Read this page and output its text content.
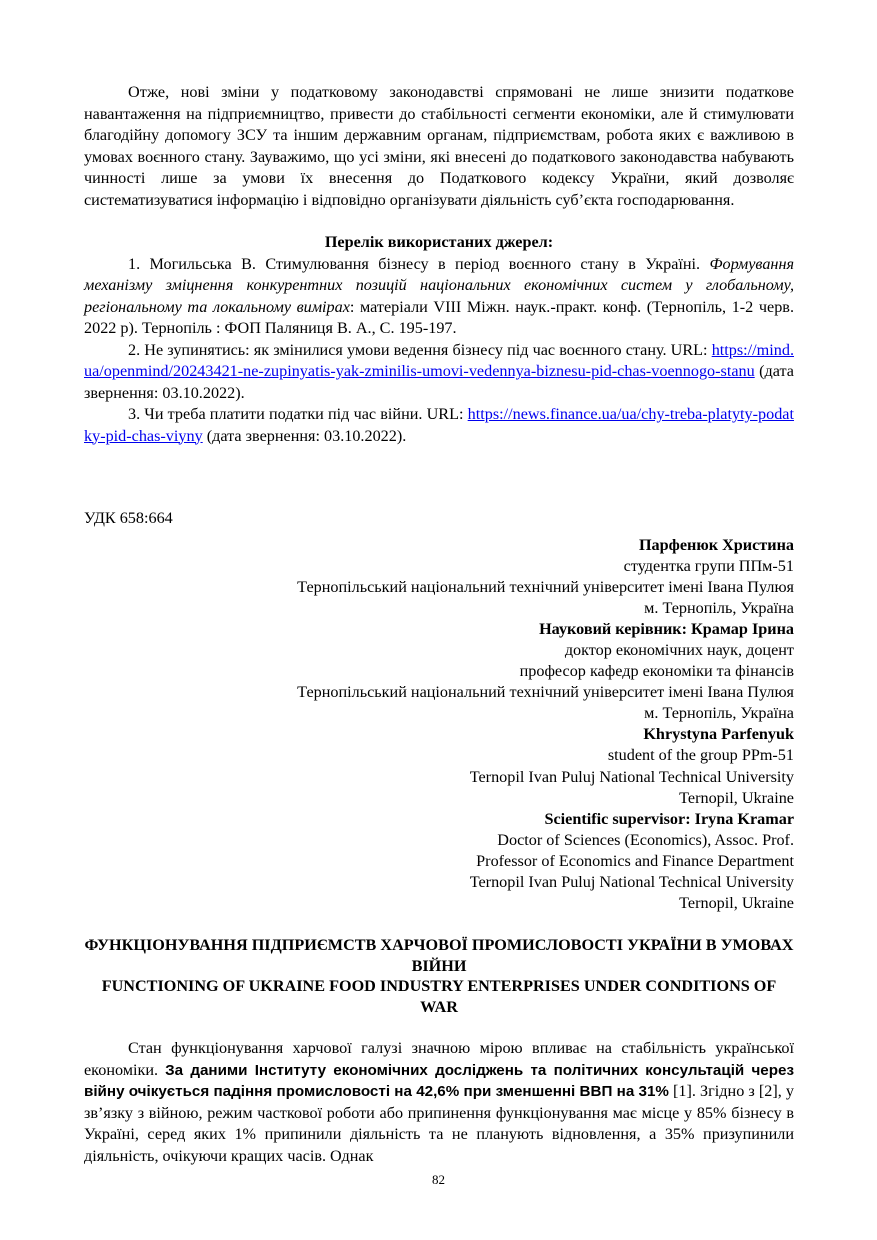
Отже, нові зміни у податковому законодавстві спрямовані не лише знизити податкове навантаження на підприємництво, привести до стабільності сегменти економіки, але й стимулювати благодійну допомогу ЗСУ та іншим державним органам, підприємствам, робота яких є важливою в умовах воєнного стану. Зауважимо, що усі зміни, які внесені до податкового законодавства набувають чинності лише за умови їх внесення до Податкового кодексу України, який дозволяє систематизуватися інформацію і відповідно організувати діяльність суб’єкта господарювання.

Перелік використаних джерел:

1. Могильська В. Стимулювання бізнесу в період воєнного стану в Україні. Формування механізму зміцнення конкурентних позицій національних економічних систем у глобальному, регіональному та локальному вимірах: матеріали VIII Міжн. наук.-практ. конф. (Тернопіль, 1-2 черв. 2022 р). Тернопіль : ФОП Паляниця В. А., С. 195-197.

2. Не зупинятись: як змінилися умови ведення бізнесу під час воєнного стану. URL: https://mind.ua/openmind/20243421-ne-zupinyatis-yak-zminilis-umovi-vedennya-biznesu-pid-chas-voennogo-stanu (дата звернення: 03.10.2022).

3. Чи треба платити податки під час війни. URL: https://news.finance.ua/ua/chy-treba-platyty-podatky-pid-chas-viyny (дата звернення: 03.10.2022).

УДК 658:664
Парфенюк Христина
студентка групи ППм-51
Тернопільський національний технічний університет імені Івана Пулюя
м. Тернопіль, Україна
Науковий керівник: Крамар Ірина
доктор економічних наук, доцент
професор кафедр економіки та фінансів
Тернопільський національний технічний університет імені Івана Пулюя
м. Тернопіль, Україна
Khrystyna Parfenyuk
student of the group PPm-51
Ternopil Ivan Puluj National Technical University
Ternopil, Ukraine
Scientific supervisor: Iryna Kramar
Doctor of Sciences (Economics), Assoc. Prof.
Professor of Economics and Finance Department
Ternopil Ivan Puluj National Technical University
Ternopil, Ukraine
ФУНКЦІОНУВАННЯ ПІДПРИЄМСТВ ХАРЧОВОЇ ПРОМИСЛОВОСТІ УКРАЇНИ В УМОВАХ ВІЙНИ
FUNCTIONING OF UKRAINE FOOD INDUSTRY ENTERPRISES UNDER CONDITIONS OF WAR

Стан функціонування харчової галузі значною мірою впливає на стабільність української економіки. За даними Інституту економічних досліджень та політичних консультацій через війну очікується падіння промисловості на 42,6% при зменшенні ВВП на 31% [1]. Згідно з [2], у зв’язку з війною, режим часткової роботи або припинення функціонування має місце у 85% бізнесу в Україні, серед яких 1% припинили діяльність та не планують відновлення, а 35% призупинили діяльність, очікуючи кращих часів. Однак

82
